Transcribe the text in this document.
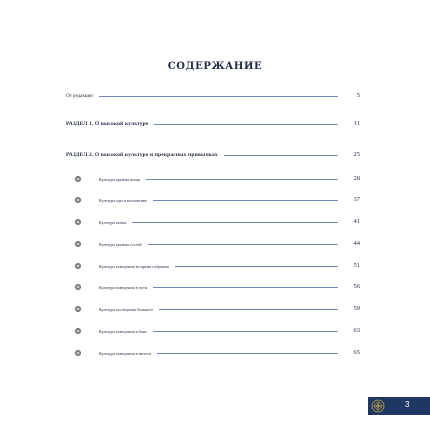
СОДЕРЖАНИЕ
От редакции	5
РАЗДЕЛ 1. О высокой культуре	11
РАЗДЕЛ 2. О высокой культуре и прекрасных привычках	25
Культура приёма пищи	28
Культура еды в коллективе	37
Культура питья	41
Культура приёма гостей	44
Культура поведения во время собрания	51
Культура поведения в пути	56
Культура посещения больного	59
Культура поведения в бане	63
Культура поведения в мечети	65
3
